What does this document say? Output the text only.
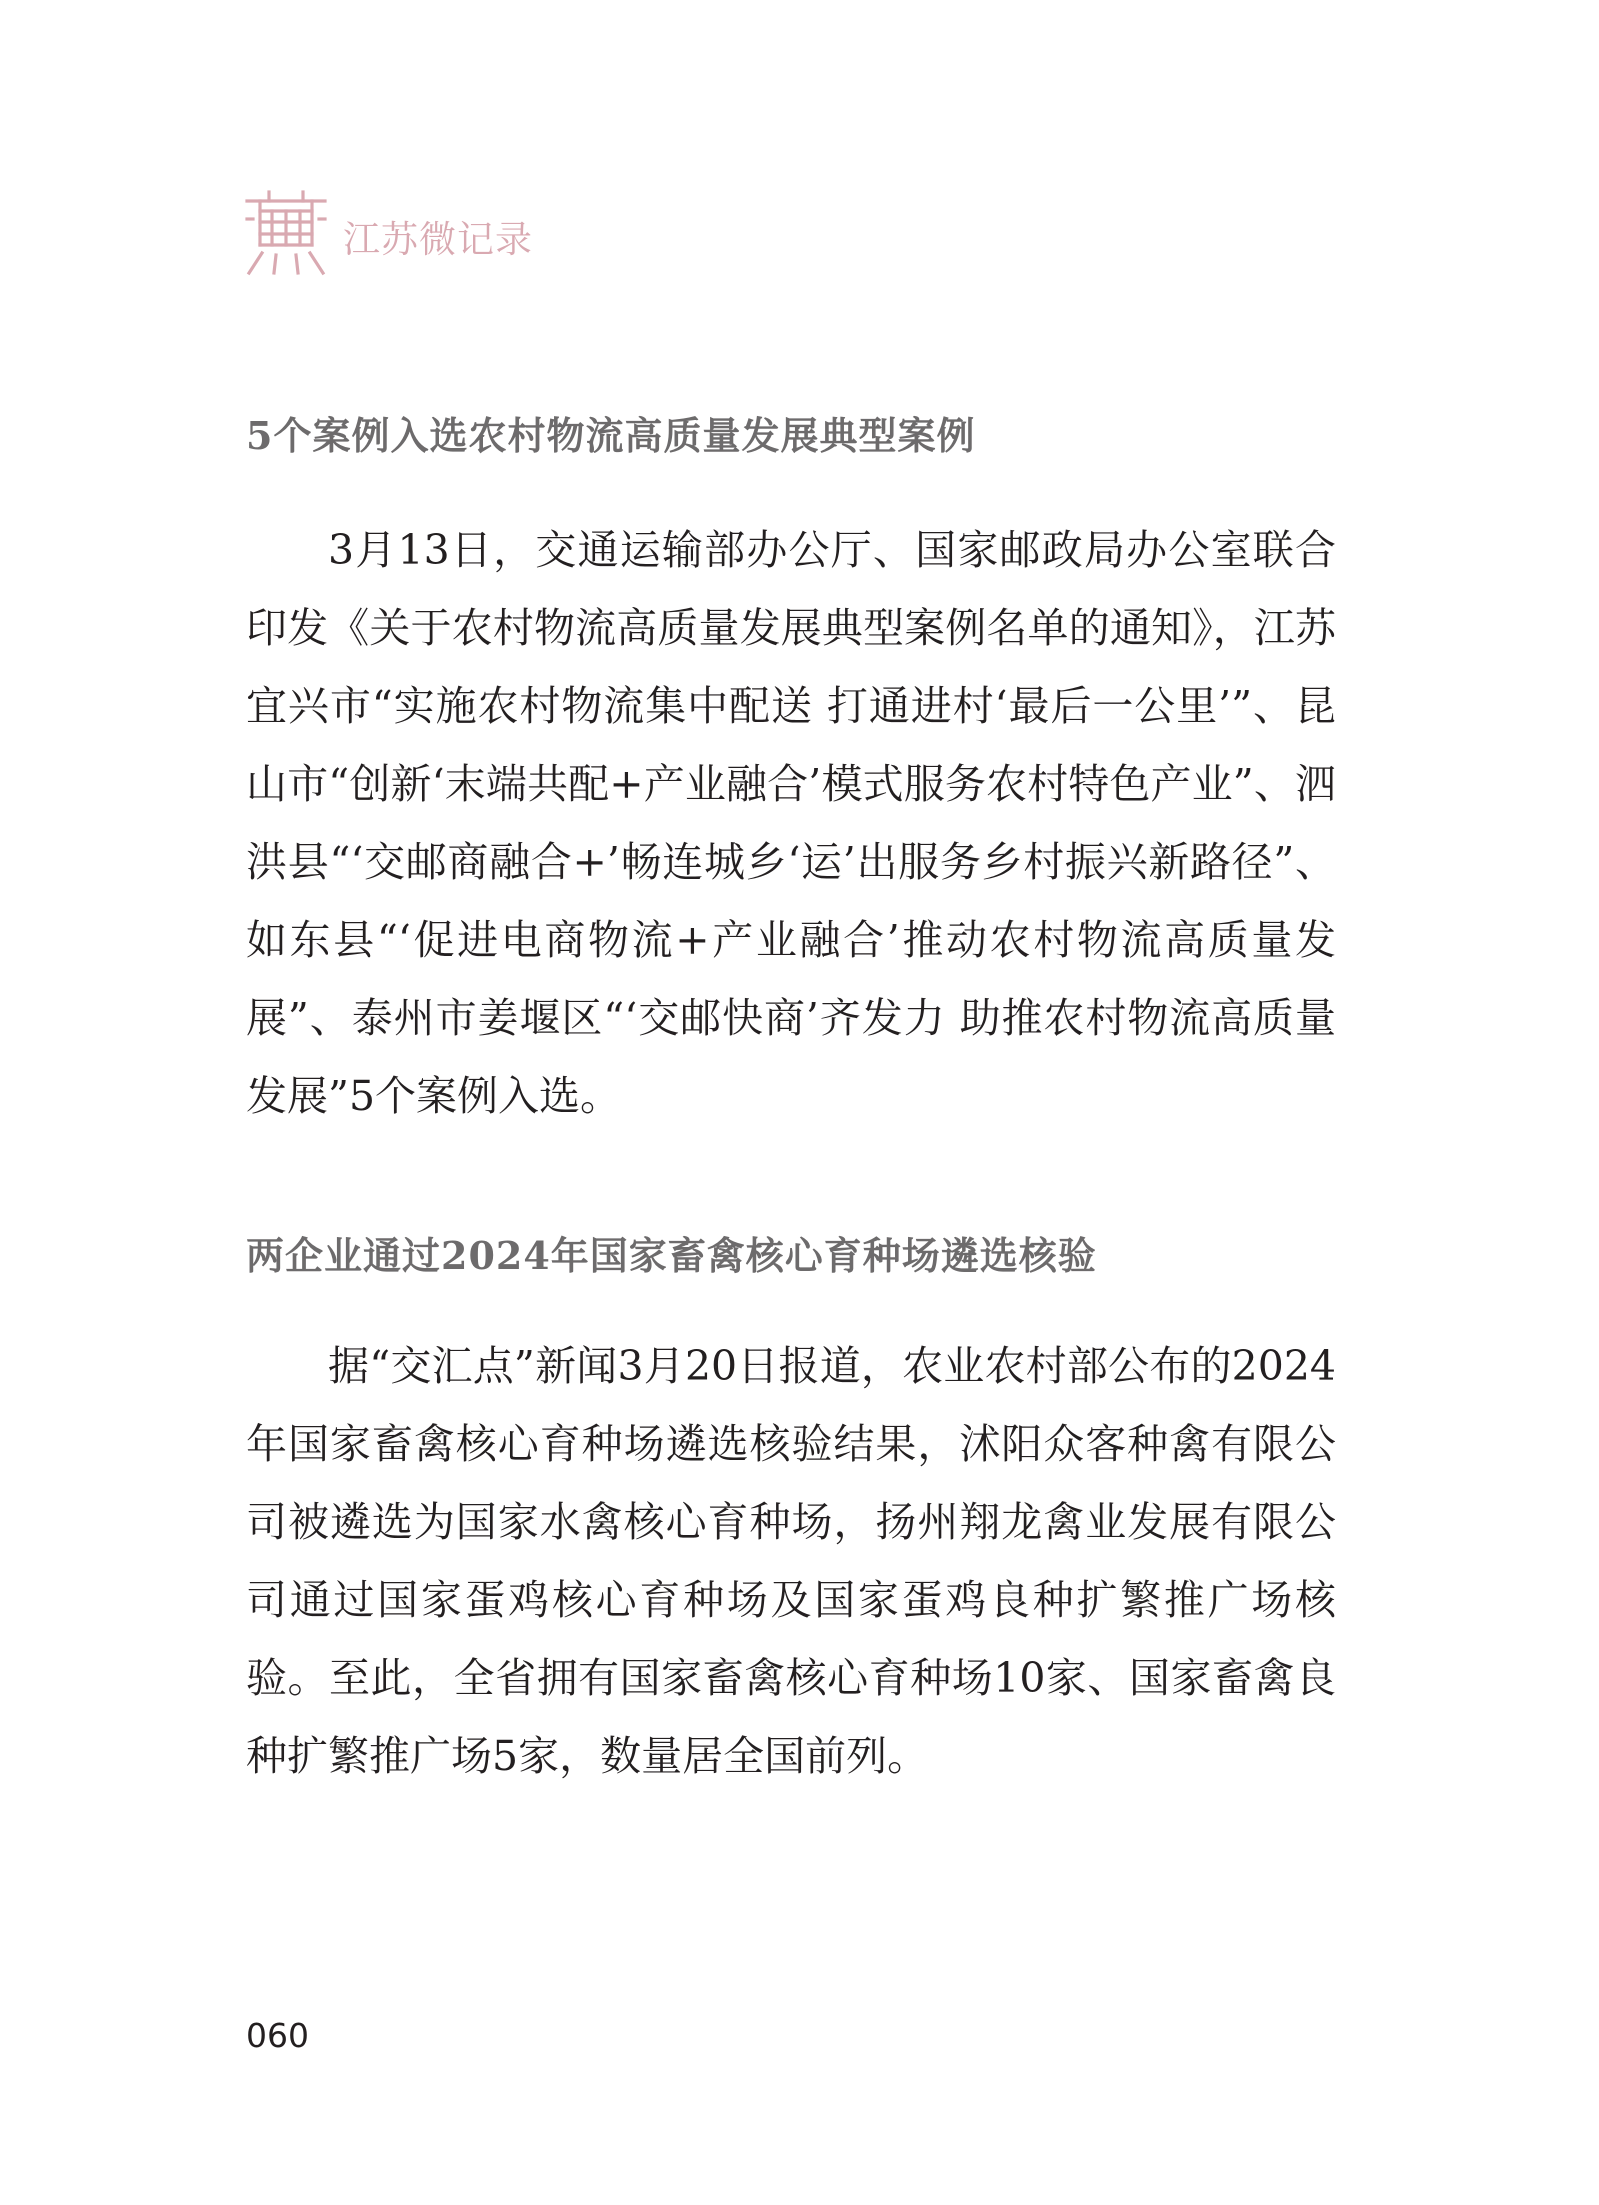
江苏微记录
5个案例入选农村物流高质量发展典型案例

3月13日，交通运输部办公厅、国家邮政局办公室联合印发《关于农村物流高质量发展典型案例名单的通知》，江苏宜兴市“实施农村物流集中配送 打通进村‘最后一公里’”、昆山市“创新‘末端共配+产业融合’模式服务农村特色产业”、泗洪县“‘交邮商融合+’畅连城乡‘运’出服务乡村振兴新路径”、如东县“‘促进电商物流+产业融合’推动农村物流高质量发展”、泰州市姜堰区“‘交邮快商’齐发力 助推农村物流高质量发展”5个案例入选。

两企业通过2024年国家畜禽核心育种场遴选核验

据“交汇点”新闻3月20日报道，农业农村部公布的2024年国家畜禽核心育种场遴选核验结果，沭阳众客种禽有限公司被遴选为国家水禽核心育种场，扬州翔龙禽业发展有限公司通过国家蛋鸡核心育种场及国家蛋鸡良种扩繁推广场核验。至此，全省拥有国家畜禽核心育种场10家、国家畜禽良种扩繁推广场5家，数量居全国前列。

060
